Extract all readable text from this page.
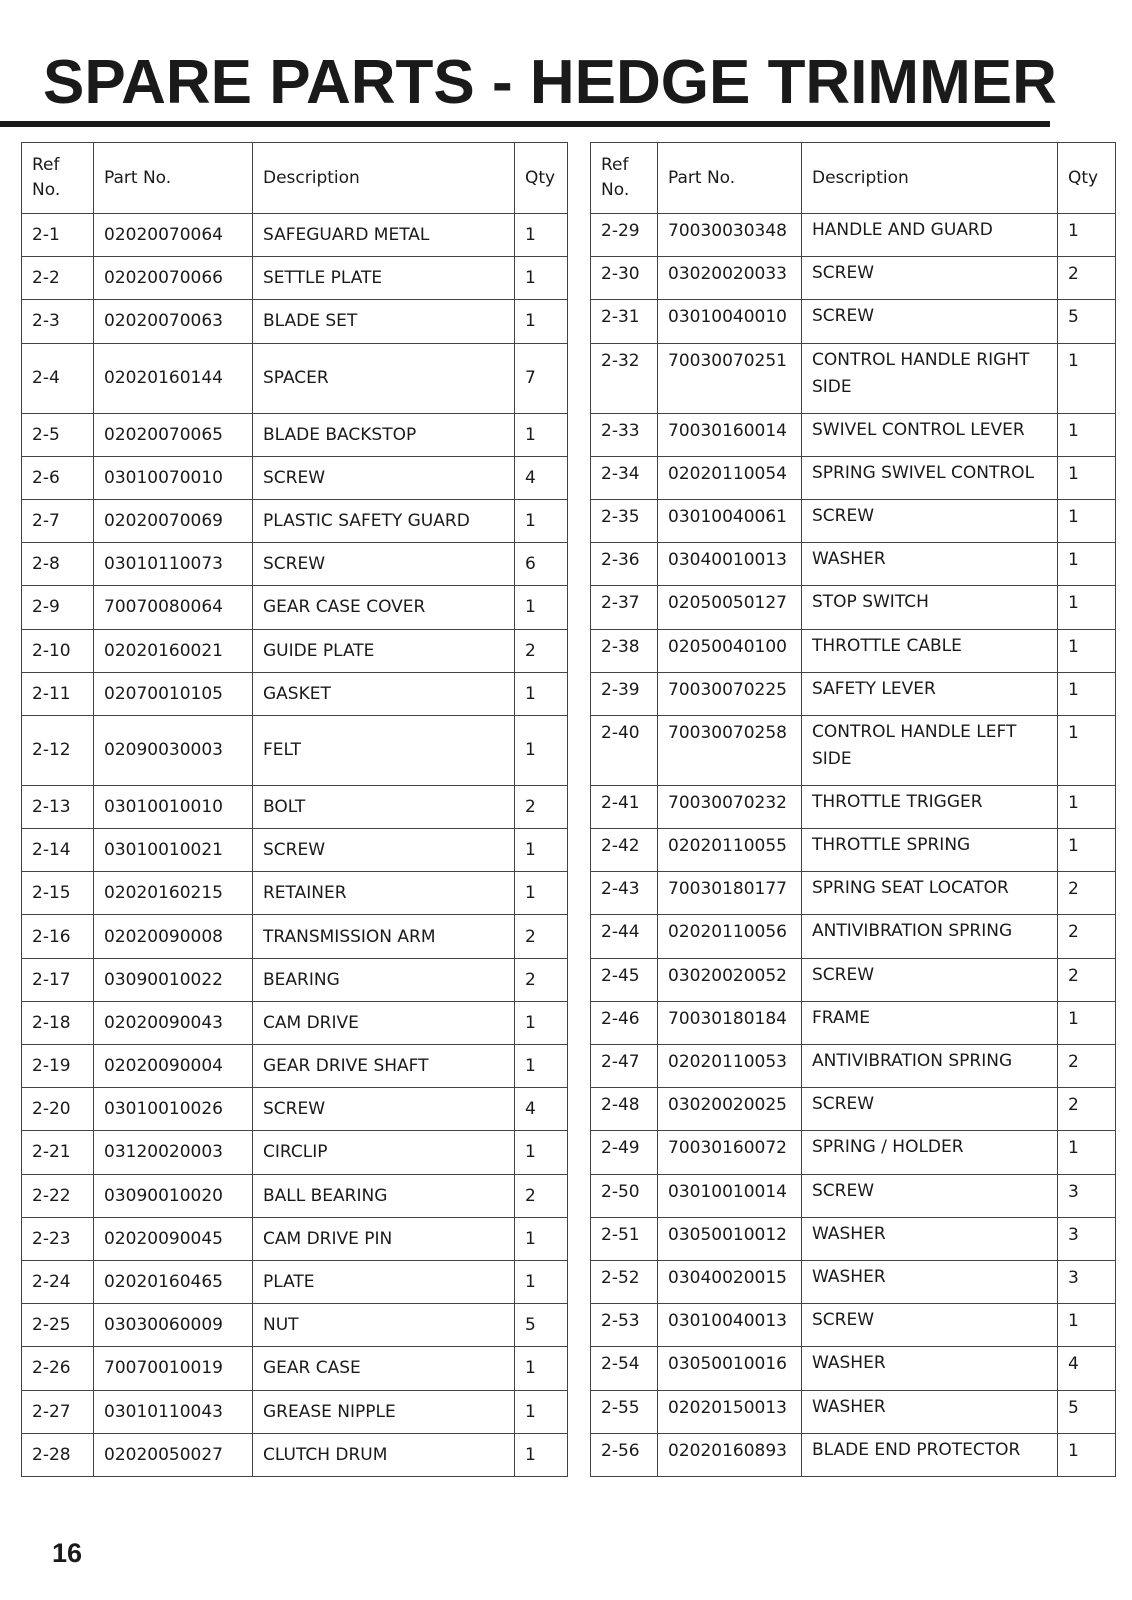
SPARE PARTS - HEDGE TRIMMER
Ref No.	Part No.	Description	Qty
2-1	02020070064	SAFEGUARD METAL	1
2-2	02020070066	SETTLE PLATE	1
2-3	02020070063	BLADE SET	1
2-4	02020160144	SPACER	7
2-5	02020070065	BLADE BACKSTOP	1
2-6	03010070010	SCREW	4
2-7	02020070069	PLASTIC SAFETY GUARD	1
2-8	03010110073	SCREW	6
2-9	70070080064	GEAR CASE COVER	1
2-10	02020160021	GUIDE PLATE	2
2-11	02070010105	GASKET	1
2-12	02090030003	FELT	1
2-13	03010010010	BOLT	2
2-14	03010010021	SCREW	1
2-15	02020160215	RETAINER	1
2-16	02020090008	TRANSMISSION ARM	2
2-17	03090010022	BEARING	2
2-18	02020090043	CAM DRIVE	1
2-19	02020090004	GEAR DRIVE SHAFT	1
2-20	03010010026	SCREW	4
2-21	03120020003	CIRCLIP	1
2-22	03090010020	BALL BEARING	2
2-23	02020090045	CAM DRIVE PIN	1
2-24	02020160465	PLATE	1
2-25	03030060009	NUT	5
2-26	70070010019	GEAR CASE	1
2-27	03010110043	GREASE NIPPLE	1
2-28	02020050027	CLUTCH DRUM	1
Ref No.	Part No.	Description	Qty
2-29	70030030348	HANDLE AND GUARD	1
2-30	03020020033	SCREW	2
2-31	03010040010	SCREW	5
2-32	70030070251	CONTROL HANDLE RIGHT SIDE	1
2-33	70030160014	SWIVEL CONTROL LEVER	1
2-34	02020110054	SPRING SWIVEL CONTROL	1
2-35	03010040061	SCREW	1
2-36	03040010013	WASHER	1
2-37	02050050127	STOP SWITCH	1
2-38	02050040100	THROTTLE CABLE	1
2-39	70030070225	SAFETY LEVER	1
2-40	70030070258	CONTROL HANDLE LEFT SIDE	1
2-41	70030070232	THROTTLE TRIGGER	1
2-42	02020110055	THROTTLE SPRING	1
2-43	70030180177	SPRING SEAT LOCATOR	2
2-44	02020110056	ANTIVIBRATION SPRING	2
2-45	03020020052	SCREW	2
2-46	70030180184	FRAME	1
2-47	02020110053	ANTIVIBRATION SPRING	2
2-48	03020020025	SCREW	2
2-49	70030160072	SPRING / HOLDER	1
2-50	03010010014	SCREW	3
2-51	03050010012	WASHER	3
2-52	03040020015	WASHER	3
2-53	03010040013	SCREW	1
2-54	03050010016	WASHER	4
2-55	02020150013	WASHER	5
2-56	02020160893	BLADE END PROTECTOR	1
16
